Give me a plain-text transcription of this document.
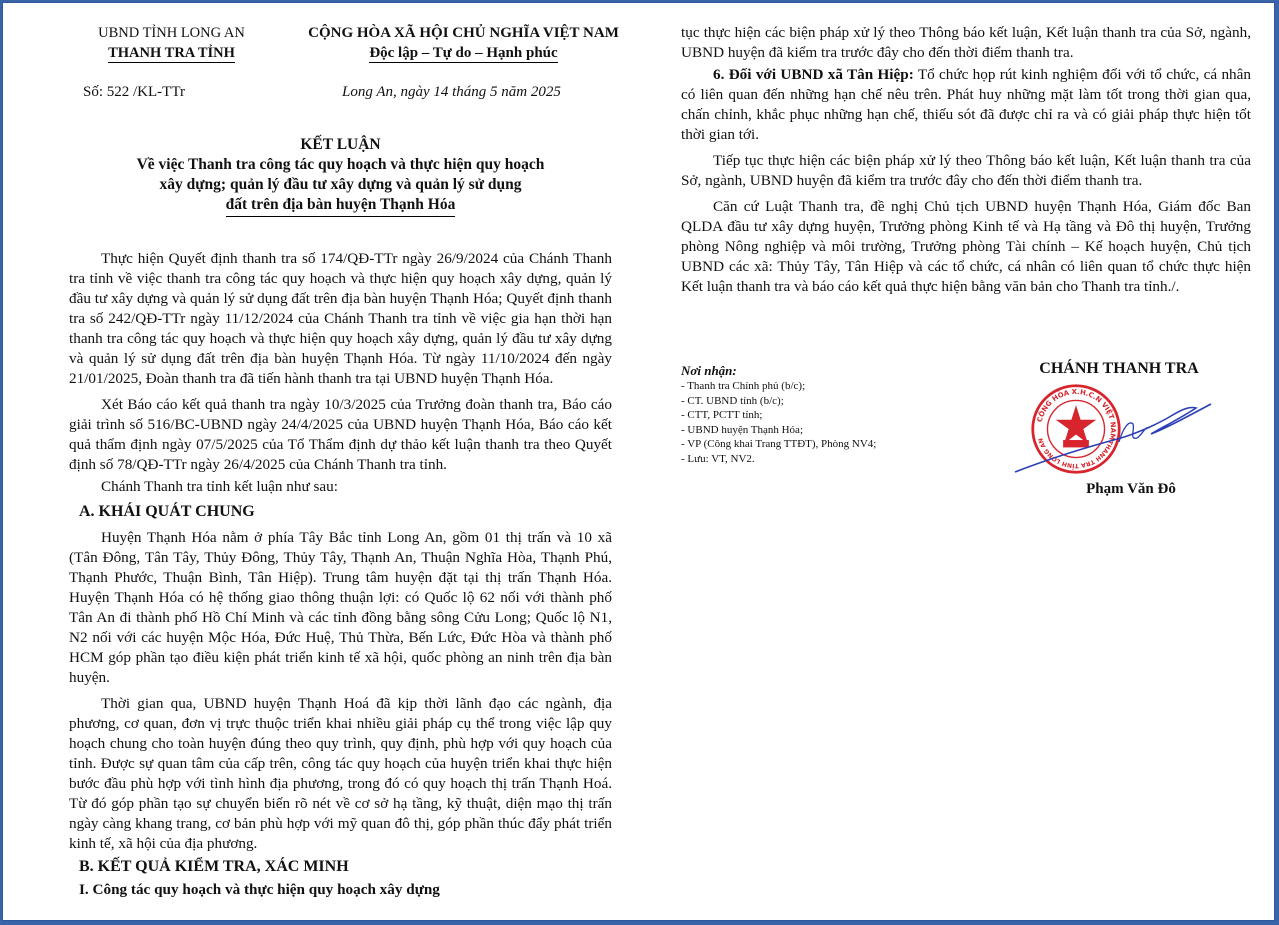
UBND TỈNH LONG AN
THANH TRA TỈNH
CỘNG HÒA XÃ HỘI CHỦ NGHĨA VIỆT NAM
Độc lập – Tự do – Hạnh phúc
Số: 522 /KL-TTr	Long An, ngày 14 tháng 5 năm 2025
KẾT LUẬN
Về việc Thanh tra công tác quy hoạch và thực hiện quy hoạch
xây dựng; quản lý đầu tư xây dựng và quản lý sử dụng
đất trên địa bàn huyện Thạnh Hóa

Thực hiện Quyết định thanh tra số 174/QĐ-TTr ngày 26/9/2024 của Chánh Thanh tra tỉnh về việc thanh tra công tác quy hoạch và thực hiện quy hoạch xây dựng, quản lý đầu tư xây dựng và quản lý sử dụng đất trên địa bàn huyện Thạnh Hóa; Quyết định thanh tra số 242/QĐ-TTr ngày 11/12/2024 của Chánh Thanh tra tỉnh về việc gia hạn thời hạn thanh tra công tác quy hoạch và thực hiện quy hoạch xây dựng, quản lý đầu tư xây dựng và quản lý sử dụng đất trên địa bàn huyện Thạnh Hóa. Từ ngày 11/10/2024 đến ngày 21/01/2025, Đoàn thanh tra đã tiến hành thanh tra tại UBND huyện Thạnh Hóa.

Xét Báo cáo kết quả thanh tra ngày 10/3/2025 của Trưởng đoàn thanh tra, Báo cáo giải trình số 516/BC-UBND ngày 24/4/2025 của UBND huyện Thạnh Hóa, Báo cáo kết quả thẩm định ngày 07/5/2025 của Tổ Thẩm định dự thảo kết luận thanh tra theo Quyết định số 78/QĐ-TTr ngày 26/4/2025 của Chánh Thanh tra tỉnh.

Chánh Thanh tra tỉnh kết luận như sau:

A. KHÁI QUÁT CHUNG

Huyện Thạnh Hóa nằm ở phía Tây Bắc tỉnh Long An, gồm 01 thị trấn và 10 xã (Tân Đông, Tân Tây, Thủy Đông, Thủy Tây, Thạnh An, Thuận Nghĩa Hòa, Thạnh Phú, Thạnh Phước, Thuận Bình, Tân Hiệp). Trung tâm huyện đặt tại thị trấn Thạnh Hóa. Huyện Thạnh Hóa có hệ thống giao thông thuận lợi: có Quốc lộ 62 nối với thành phố Tân An đi thành phố Hồ Chí Minh và các tỉnh đồng bằng sông Cửu Long; Quốc lộ N1, N2 nối với các huyện Mộc Hóa, Đức Huệ, Thủ Thừa, Bến Lức, Đức Hòa và thành phố HCM góp phần tạo điều kiện phát triển kinh tế xã hội, quốc phòng an ninh trên địa bàn huyện.

Thời gian qua, UBND huyện Thạnh Hoá đã kịp thời lãnh đạo các ngành, địa phương, cơ quan, đơn vị trực thuộc triển khai nhiều giải pháp cụ thể trong việc lập quy hoạch chung cho toàn huyện đúng theo quy trình, quy định, phù hợp với quy hoạch của tỉnh. Được sự quan tâm của cấp trên, công tác quy hoạch của huyện triển khai thực hiện bước đầu phù hợp với tình hình địa phương, trong đó có quy hoạch thị trấn Thạnh Hoá. Từ đó góp phần tạo sự chuyển biến rõ nét về cơ sở hạ tầng, kỹ thuật, diện mạo thị trấn ngày càng khang trang, cơ bản phù hợp với mỹ quan đô thị, góp phần thúc đẩy phát triển kinh tế, xã hội của địa phương.

B. KẾT QUẢ KIỂM TRA, XÁC MINH

I. Công tác quy hoạch và thực hiện quy hoạch xây dựng

tục thực hiện các biện pháp xử lý theo Thông báo kết luận, Kết luận thanh tra của Sở, ngành, UBND huyện đã kiểm tra trước đây cho đến thời điểm thanh tra.

6. Đối với UBND xã Tân Hiệp: Tổ chức họp rút kinh nghiệm đối với tổ chức, cá nhân có liên quan đến những hạn chế nêu trên. Phát huy những mặt làm tốt trong thời gian qua, chấn chỉnh, khắc phục những hạn chế, thiếu sót đã được chỉ ra và có giải pháp thực hiện tốt thời gian tới.

Tiếp tục thực hiện các biện pháp xử lý theo Thông báo kết luận, Kết luận thanh tra của Sở, ngành, UBND huyện đã kiểm tra trước đây cho đến thời điểm thanh tra.

Căn cứ Luật Thanh tra, đề nghị Chủ tịch UBND huyện Thạnh Hóa, Giám đốc Ban QLDA đầu tư xây dựng huyện, Trưởng phòng Kinh tế và Hạ tầng và Đô thị huyện, Trưởng phòng Nông nghiệp và môi trường, Trưởng phòng Tài chính – Kế hoạch huyện, Chủ tịch UBND các xã: Thủy Tây, Tân Hiệp và các tổ chức, cá nhân có liên quan tổ chức thực hiện Kết luận thanh tra và báo cáo kết quả thực hiện bằng văn bản cho Thanh tra tỉnh./.

Nơi nhận:
- Thanh tra Chính phủ (b/c);
- CT. UBND tỉnh (b/c);
- CTT, PCTT tỉnh;
- UBND huyện Thạnh Hóa;
- VP (Công khai Trang TTĐT), Phòng NV4;
- Lưu: VT, NV2.
CHÁNH THANH TRA
CÔNG HÒA X.H.C.N VIỆT NAM
THANH TRA TỈNH LONG AN
Phạm Văn Đô
